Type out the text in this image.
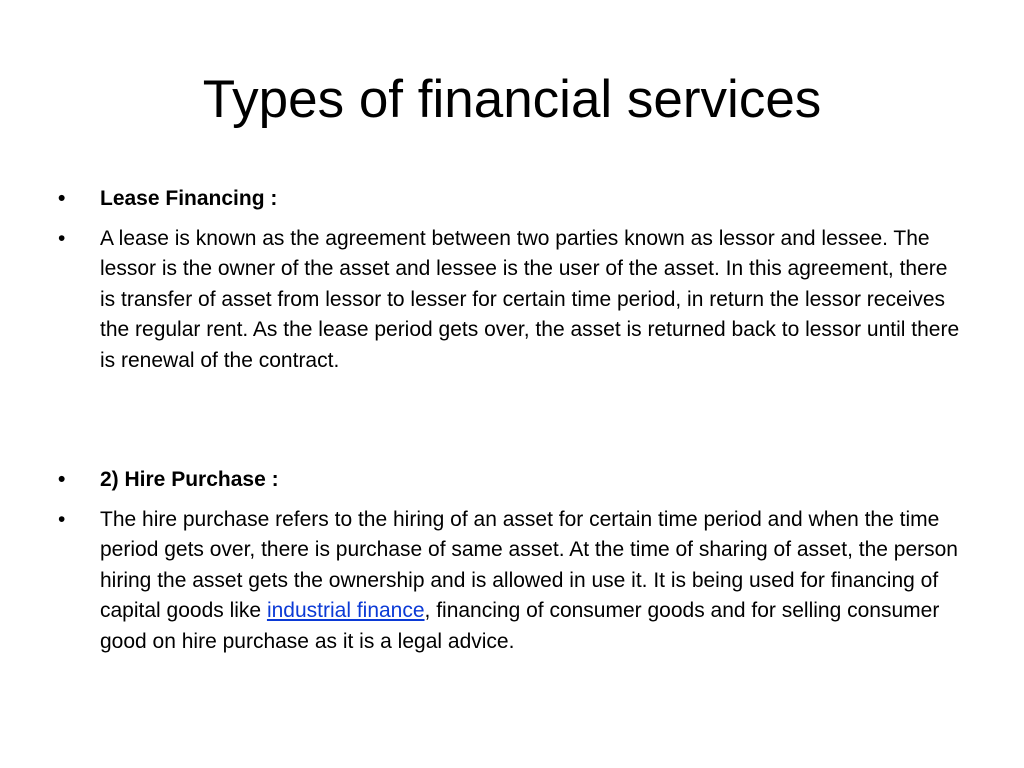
Types of financial services
•	Lease Financing :
•	A lease is known as the agreement between two parties known as lessor and lessee. The lessor is the owner of the asset and lessee is the user of the asset. In this agreement, there is transfer of asset from lessor to lesser for certain time period, in return the lessor receives the regular rent. As the lease period gets over, the asset is returned back to lessor until there is renewal of the contract.
•	2) Hire Purchase :
•	The hire purchase refers to the hiring of an asset for certain time period and when the time period gets over, there is purchase of same asset. At the time of sharing of asset, the person hiring the asset gets the ownership and is allowed in use it. It is being used for financing of capital goods like industrial finance, financing of consumer goods and for selling consumer good on hire purchase as it is a legal advice.
